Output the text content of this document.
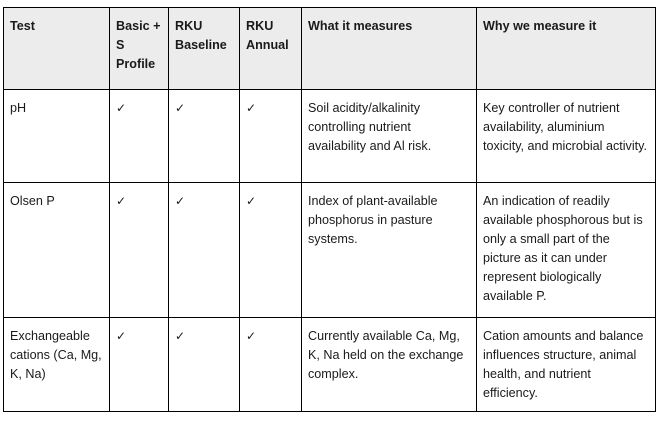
Test	Basic + S Profile	RKU Baseline	RKU Annual	What it measures	Why we measure it
pH	✓	✓	✓	Soil acidity/alkalinity controlling nutrient availability and Al risk.	Key controller of nutrient availability, aluminium toxicity, and microbial activity.
Olsen P	✓	✓	✓	Index of plant-available phosphorus in pasture systems.	An indication of readily available phosphorous but is only a small part of the picture as it can under represent biologically available P.
Exchangeable cations (Ca, Mg, K, Na)	✓	✓	✓	Currently available Ca, Mg, K, Na held on the exchange complex.	Cation amounts and balance influences structure, animal health, and nutrient efficiency.
